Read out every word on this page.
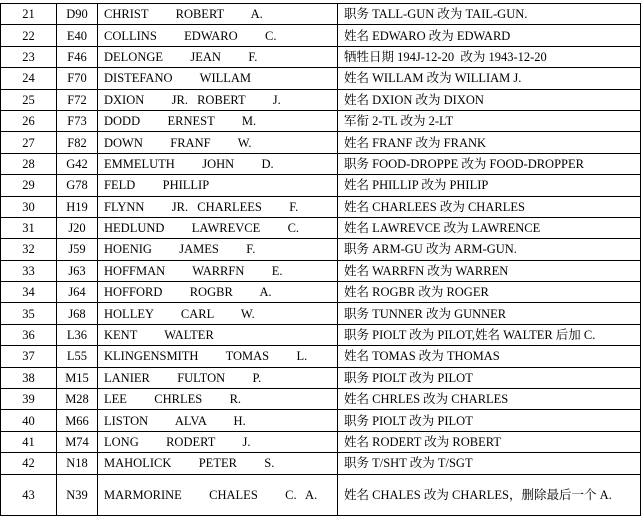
21	D90	CHRIST   ROBERT   A.	职务 TALL-GUN 改为 TAIL-GUN.
22	E40	COLLINS   EDWARO   C.	姓名 EDWARO 改为 EDWARD
23	F46	DELONGE   JEAN   F.	牺牲日期 194J-12-20  改为 1943-12-20
24	F70	DISTEFANO   WILLAM	姓名 WILLAM 改为 WILLIAM J.
25	F72	DXION   JR. ROBERT   J.	姓名 DXION 改为 DIXON
26	F73	DODD   ERNEST   M.	军衔 2-TL 改为 2-LT
27	F82	DOWN   FRANF   W.	姓名 FRANF 改为 FRANK
28	G42	EMMELUTH   JOHN   D.	职务 FOOD-DROPPE 改为 FOOD-DROPPER
29	G78	FELD   PHILLIP	姓名 PHILLIP 改为 PHILIP
30	H19	FLYNN   JR. CHARLEES   F.	姓名 CHARLEES 改为 CHARLES
31	J20	HEDLUND   LAWREVCE   C.	姓名 LAWREVCE 改为 LAWRENCE
32	J59	HOENIG   JAMES   F.	职务 ARM-GU 改为 ARM-GUN.
33	J63	HOFFMAN   WARRFN   E.	姓名 WARRFN 改为 WARREN
34	J64	HOFFORD   ROGBR   A.	姓名 ROGBR 改为 ROGER
35	J68	HOLLEY   CARL   W.	职务 TUNNER 改为 GUNNER
36	L36	KENT   WALTER	职务 PIOLT 改为 PILOT,姓名 WALTER 后加 C.
37	L55	KLINGENSMITH   TOMAS   L.	姓名 TOMAS 改为 THOMAS
38	M15	LANIER   FULTON   P.	职务 PIOLT 改为 PILOT
39	M28	LEE   CHRLES   R.	姓名 CHRLES 改为 CHARLES
40	M66	LISTON   ALVA   H.	职务 PIOLT 改为 PILOT
41	M74	LONG   RODERT   J.	姓名 RODERT 改为 ROBERT
42	N18	MAHOLICK   PETER   S.	职务 T/SHT 改为 T/SGT
43	N39	MARMORINE   CHALES   C. A.	姓名 CHALES 改为 CHARLES，删除最后一个 A.
